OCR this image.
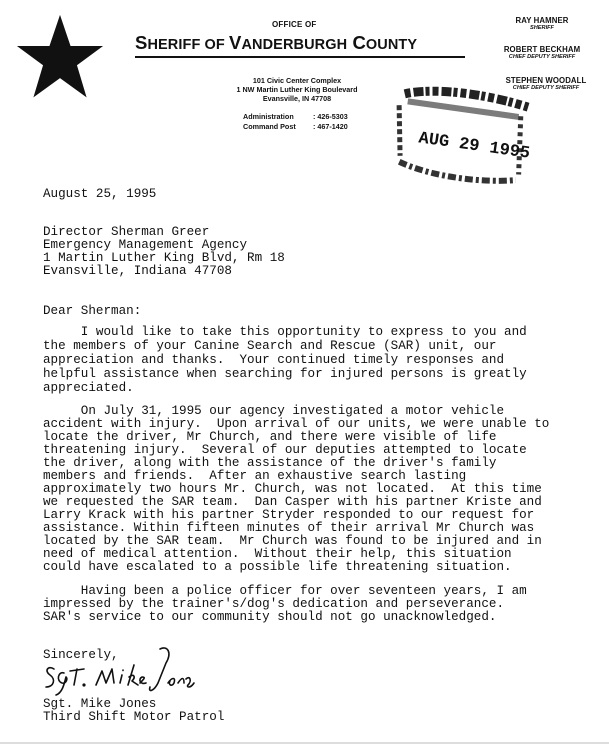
OFFICE OF
SHERIFF OF VANDERBURGH COUNTY
101 Civic Center Complex
1 NW Martin Luther King Boulevard
Evansville, IN 47708
Administration	: 426-5303
Command Post : 467-1420
RAY HAMNER
SHERIFF
ROBERT BECKHAM
CHIEF DEPUTY SHERIFF
STEPHEN WOODALL
CHIEF DEPUTY SHERIFF
AUG 29 1995
August 25, 1995
Director Sherman Greer
Emergency Management Agency
1 Martin Luther King Blvd, Rm 18
Evansville, Indiana 47708
Dear Sherman:
I would like to take this opportunity to express to you and
the members of your Canine Search and Rescue (SAR) unit, our
appreciation and thanks.  Your continued timely responses and
helpful assistance when searching for injured persons is greatly
appreciated.
On July 31, 1995 our agency investigated a motor vehicle
accident with injury.  Upon arrival of our units, we were unable to
locate the driver, Mr Church, and there were visible of life
threatening injury.  Several of our deputies attempted to locate
the driver, along with the assistance of the driver's family
members and friends.  After an exhaustive search lasting
approximately two hours Mr. Church, was not located.  At this time
we requested the SAR team.  Dan Casper with his partner Kriste and
Larry Krack with his partner Stryder responded to our request for
assistance. Within fifteen minutes of their arrival Mr Church was
located by the SAR team.  Mr Church was found to be injured and in
need of medical attention.  Without their help, this situation
could have escalated to a possible life threatening situation.
Having been a police officer for over seventeen years, I am
impressed by the trainer's/dog's dedication and perseverance.
SAR's service to our community should not go unacknowledged.
Sincerely,
Sgt. Mike Jones
Third Shift Motor Patrol
